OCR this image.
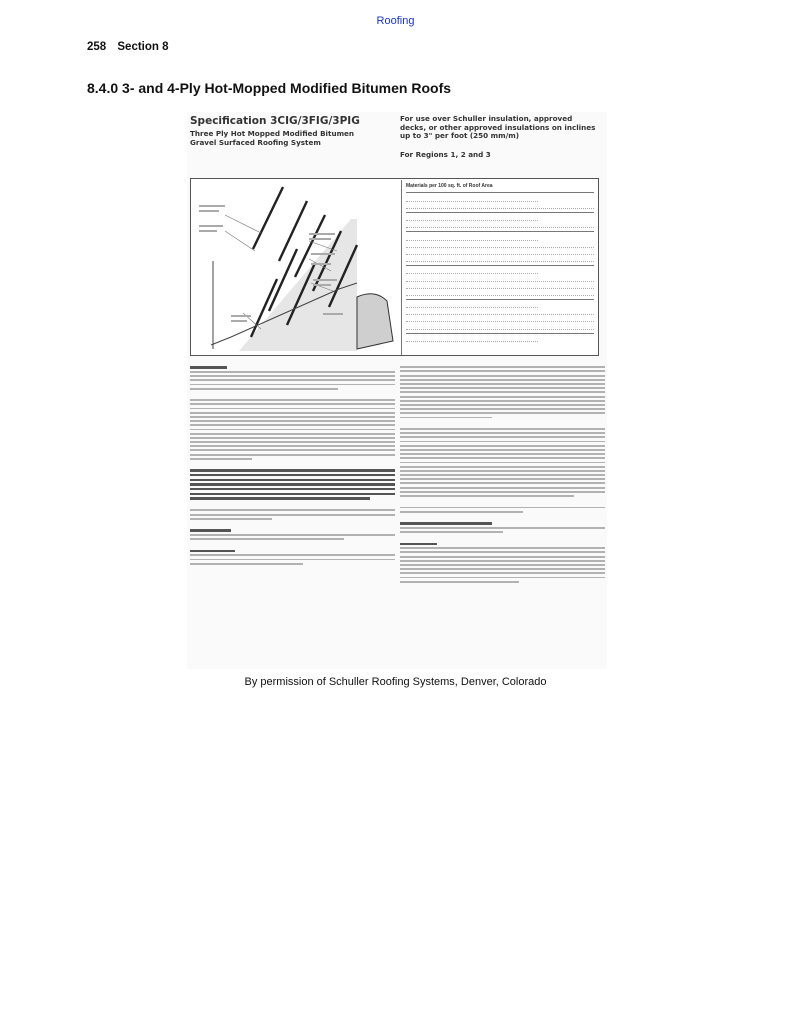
Roofing
258 Section 8
8.4.0 3- and 4-Ply Hot-Mopped Modified Bitumen Roofs
Specification 3CIG/3FIG/3PIG
Three Ply Hot Mopped Modified Bitumen Gravel Surfaced Roofing System
For use over Schuller insulation, approved decks, or other approved insulations on inclines up to 3" per foot (250 mm/m)
For Regions 1, 2 and 3
Materials per 100 sq. ft. of Roof Area
By permission of Schuller Roofing Systems, Denver, Colorado
